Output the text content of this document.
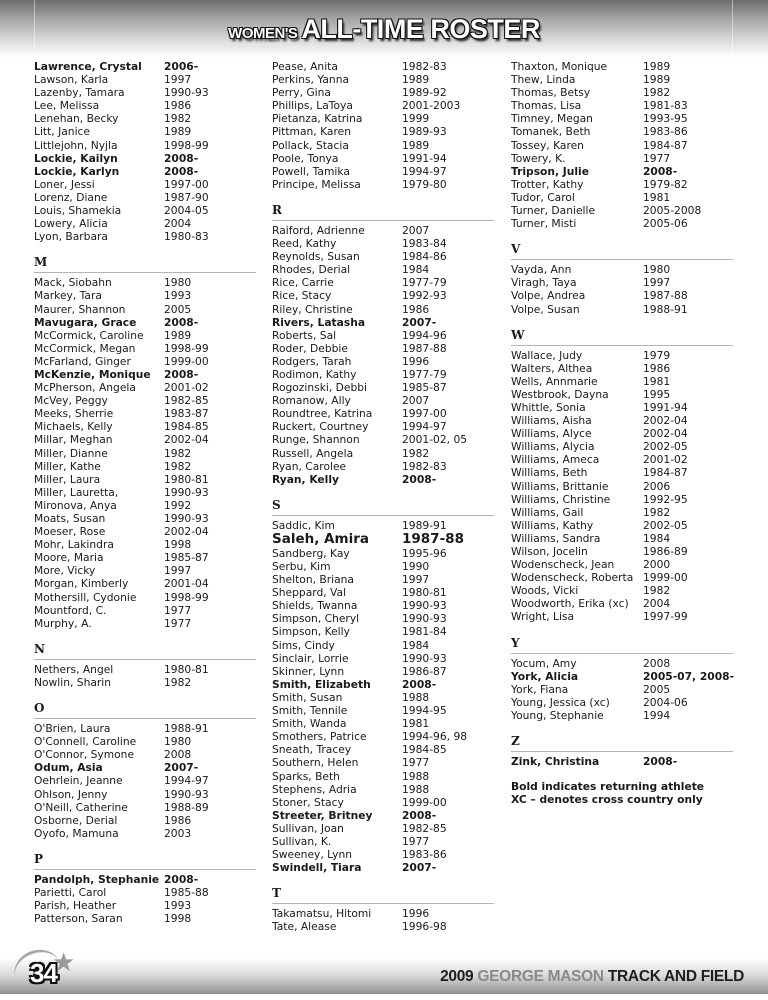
WOMEN'S ALL-TIME ROSTER
Lawrence, Crystal	2006-
Lawson, Karla	1997
Lazenby, Tamara	1990-93
Lee, Melissa	1986
Lenehan, Becky	1982
Litt, Janice	1989
Littlejohn, Nyjla	1998-99
Lockie, Kailyn	2008-
Lockie, Karlyn	2008-
Loner, Jessi	1997-00
Lorenz, Diane	1987-90
Louis, Shamekia	2004-05
Lowery, Alicia	2004
Lyon, Barbara	1980-83
M
Mack, Siobahn	1980
Markey, Tara	1993
Maurer, Shannon	2005
Mavugara, Grace	2008-
McCormick, Caroline	1989
McCormick, Megan	1998-99
McFarland, Ginger	1999-00
McKenzie, Monique	2008-
McPherson, Angela	2001-02
McVey, Peggy	1982-85
Meeks, Sherrie	1983-87
Michaels, Kelly	1984-85
Millar, Meghan	2002-04
Miller, Dianne	1982
Miller, Kathe	1982
Miller, Laura	1980-81
Miller, Lauretta,	1990-93
Mironova, Anya	1992
Moats, Susan	1990-93
Moeser, Rose	2002-04
Mohr, Lakindra	1998
Moore, Maria	1985-87
More, Vicky	1997
Morgan, Kimberly	2001-04
Mothersill, Cydonie	1998-99
Mountford, C.	1977
Murphy, A.	1977
N
Nethers, Angel	1980-81
Nowlin, Sharin	1982
O
O'Brien, Laura	1988-91
O'Connell, Caroline	1980
O'Connor, Symone	2008
Odum, Asia	2007-
Oehrlein, Jeanne	1994-97
Ohlson, Jenny	1990-93
O'Neill, Catherine	1988-89
Osborne, Derial	1986
Oyofo, Mamuna	2003
P
Pandolph, Stephanie 2008-
Parietti, Carol	1985-88
Parish, Heather	1993
Patterson, Saran	1998
Pease, Anita	1982-83
Perkins, Yanna	1989
Perry, Gina	1989-92
Phillips, LaToya	2001-2003
Pietanza, Katrina	1999
Pittman, Karen	1989-93
Pollack, Stacia	1989
Poole, Tonya	1991-94
Powell, Tamika	1994-97
Principe, Melissa	1979-80
R
Raiford, Adrienne	2007
Reed, Kathy	1983-84
Reynolds, Susan	1984-86
Rhodes, Derial	1984
Rice, Carrie	1977-79
Rice, Stacy	1992-93
Riley, Christine	1986
Rivers, Latasha	2007-
Roberts, Sal	1994-96
Roder, Debbie	1987-88
Rodgers, Tarah	1996
Rodimon, Kathy	1977-79
Rogozinski, Debbi	1985-87
Romanow, Ally	2007
Roundtree, Katrina	1997-00
Ruckert, Courtney	1994-97
Runge, Shannon	2001-02, 05
Russell, Angela	1982
Ryan, Carolee	1982-83
Ryan, Kelly	2008-
S
Saddic, Kim	1989-91
Saleh, Amira	1987-88
Sandberg, Kay	1995-96
Serbu, Kim	1990
Shelton, Briana	1997
Sheppard, Val	1980-81
Shields, Twanna	1990-93
Simpson, Cheryl	1990-93
Simpson, Kelly	1981-84
Sims, Cindy	1984
Sinclair, Lorrie	1990-93
Skinner, Lynn	1986-87
Smith, Elizabeth	2008-
Smith, Susan	1988
Smith, Tennile	1994-95
Smith, Wanda	1981
Smothers, Patrice	1994-96, 98
Sneath, Tracey	1984-85
Southern, Helen	1977
Sparks, Beth	1988
Stephens, Adria	1988
Stoner, Stacy	1999-00
Streeter, Britney	2008-
Sullivan, Joan	1982-85
Sullivan, K.	1977
Sweeney, Lynn	1983-86
Swindell, Tiara	2007-
T
Takamatsu, Hitomi	1996
Tate, Alease	1996-98
Thaxton, Monique	1989
Thew, Linda	1989
Thomas, Betsy	1982
Thomas, Lisa	1981-83
Timney, Megan	1993-95
Tomanek, Beth	1983-86
Tossey, Karen	1984-87
Towery, K.	1977
Tripson, Julie	2008-
Trotter, Kathy	1979-82
Tudor, Carol	1981
Turner, Danielle	2005-2008
Turner, Misti	2005-06
V
Vayda, Ann	1980
Viragh, Taya	1997
Volpe, Andrea	1987-88
Volpe, Susan	1988-91
W
Wallace, Judy	1979
Walters, Althea	1986
Wells, Annmarie	1981
Westbrook, Dayna	1995
Whittle, Sonia	1991-94
Williams, Aisha	2002-04
Williams, Alyce	2002-04
Williams, Alycia	2002-05
Williams, Ameca	2001-02
Williams, Beth	1984-87
Williams, Brittanie	2006
Williams, Christine	1992-95
Williams, Gail	1982
Williams, Kathy	2002-05
Williams, Sandra	1984
Wilson, Jocelin	1986-89
Wodenscheck, Jean	2000
Wodenscheck, Roberta 1999-00
Woods, Vicki	1982
Woodworth, Erika (xc)	2004
Wright, Lisa	1997-99
Y
Yocum, Amy	2008
York, Alicia	2005-07, 2008-
York, Fiana	2005
Young, Jessica (xc)	2004-06
Young, Stephanie	1994
Z
Zink, Christina	2008-
Bold indicates returning athlete
XC – denotes cross country only
★
34	2009 GEORGE MASON TRACK AND FIELD
